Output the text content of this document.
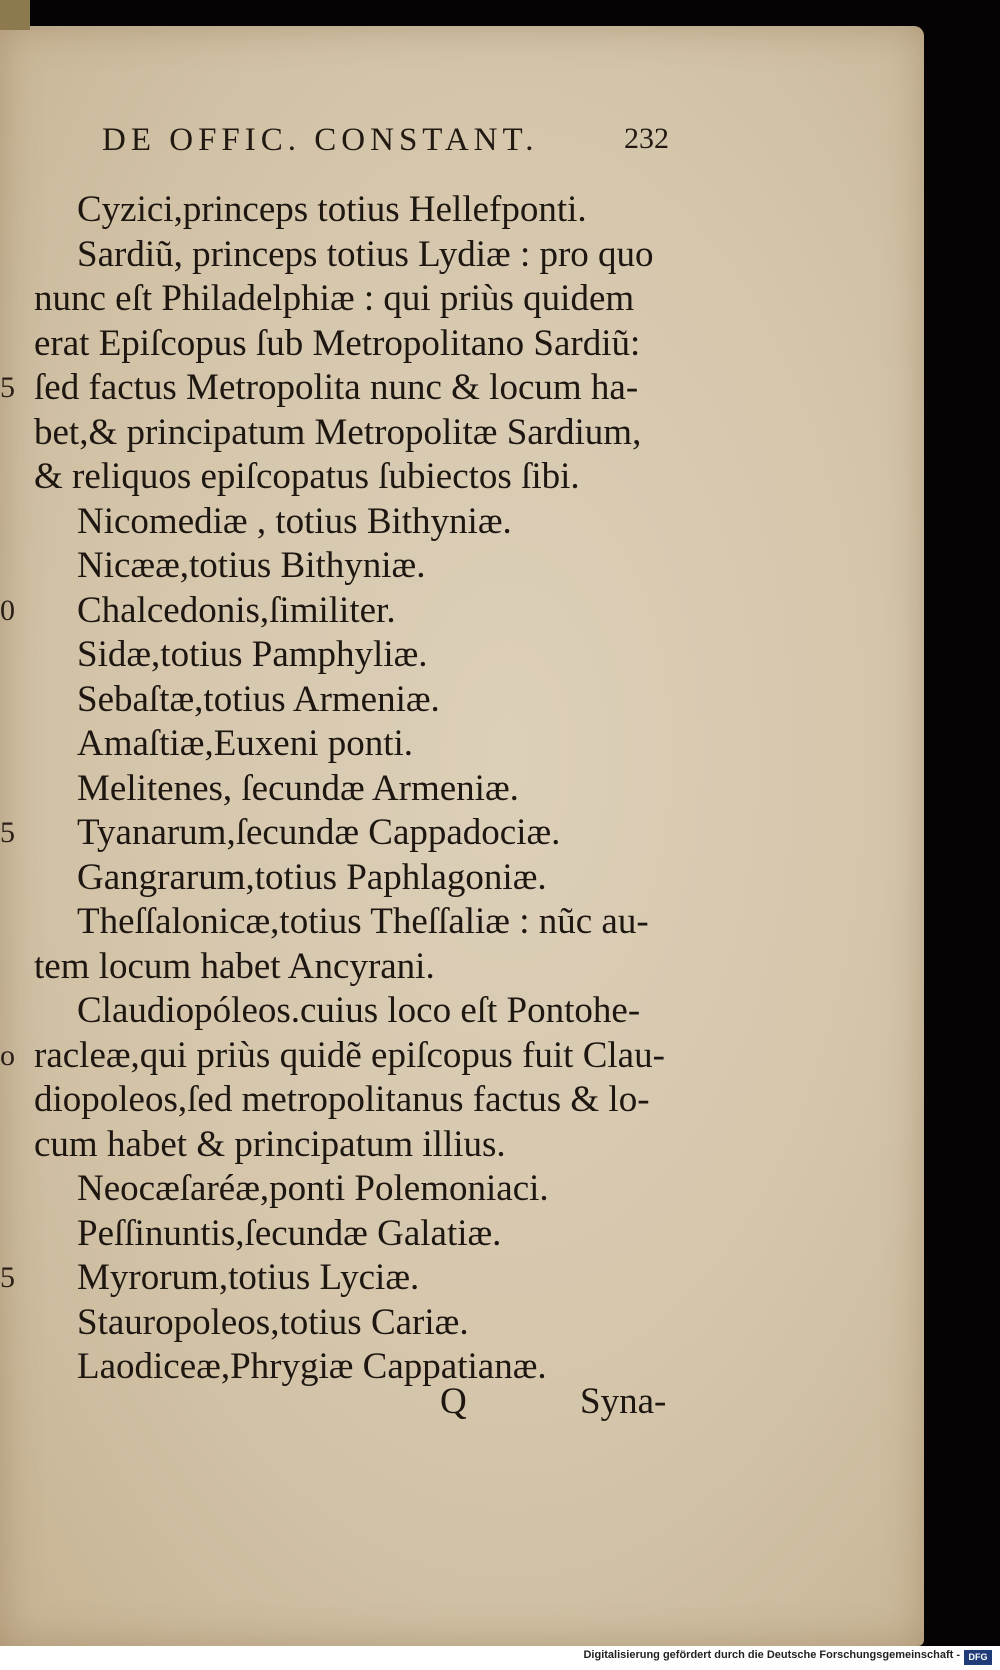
DE OFFIC. CONSTANT.	232
Cyzici,princeps totius Hellefponti.
Sardiũ, princeps totius Lydiæ : pro quo
nunc eſt Philadelphiæ : qui priùs quidem
erat Epiſcopus ſub Metropolitano Sardiũ:
5 ſed factus Metropolita nunc & locum ha-
bet,& principatum Metropolitæ Sardium,
& reliquos epiſcopatus ſubiectos ſibi.
Nicomediæ , totius Bithyniæ.
Nicææ,totius Bithyniæ.
0 Chalcedonis,ſimiliter.
Sidæ,totius Pamphyliæ.
Sebaſtæ,totius Armeniæ.
Amaſtiæ,Euxeni ponti.
Melitenes, ſecundæ Armeniæ.
5 Tyanarum,ſecundæ Cappadociæ.
Gangrarum,totius Paphlagoniæ.
Theſſalonicæ,totius Theſſaliæ : nũc au-
tem locum habet Ancyrani.
Claudiopóleos.cuius loco eſt Pontohe-
o racleæ,qui priùs quidẽ epiſcopus fuit Clau-
diopoleos,ſed metropolitanus factus & lo-
cum habet & principatum illius.
Neocæſaréæ,ponti Polemoniaci.
Peſſinuntis,ſecundæ Galatiæ.
5 Myrorum,totius Lyciæ.
Stauropoleos,totius Cariæ.
Laodiceæ,Phrygiæ Cappatianæ.
Q	Syna-
Digitalisierung gefördert durch die Deutsche Forschungsgemeinschaft - DFG
